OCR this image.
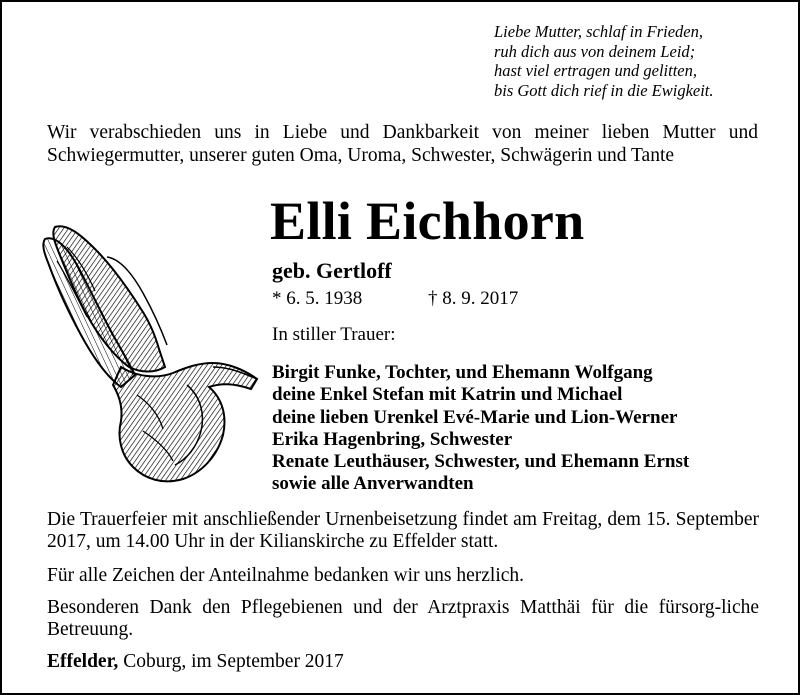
Liebe Mutter, schlaf in Frieden,
ruh dich aus von deinem Leid;
hast viel ertragen und gelitten,
bis Gott dich rief in die Ewigkeit.
Wir verabschieden uns in Liebe und Dankbarkeit von meiner lieben Mutter und
Schwiegermutter, unserer guten Oma, Uroma, Schwester, Schwägerin und Tante
Elli Eichhorn
geb. Gertloff
* 6. 5. 1938	† 8. 9. 2017
In stiller Trauer:
Birgit Funke, Tochter, und Ehemann Wolfgang
deine Enkel Stefan mit Katrin und Michael
deine lieben Urenkel Evé-Marie und Lion-Werner
Erika Hagenbring, Schwester
Renate Leuthäuser, Schwester, und Ehemann Ernst
sowie alle Anverwandten
Die Trauerfeier mit anschließender Urnenbeisetzung findet am Freitag, dem 15. September 2017, um 14.00 Uhr in der Kilianskirche zu Effelder statt.
Für alle Zeichen der Anteilnahme bedanken wir uns herzlich.
Besonderen Dank den Pflegebienen und der Arztpraxis Matthäi für die fürsorg-liche Betreuung.
Effelder, Coburg, im September 2017
